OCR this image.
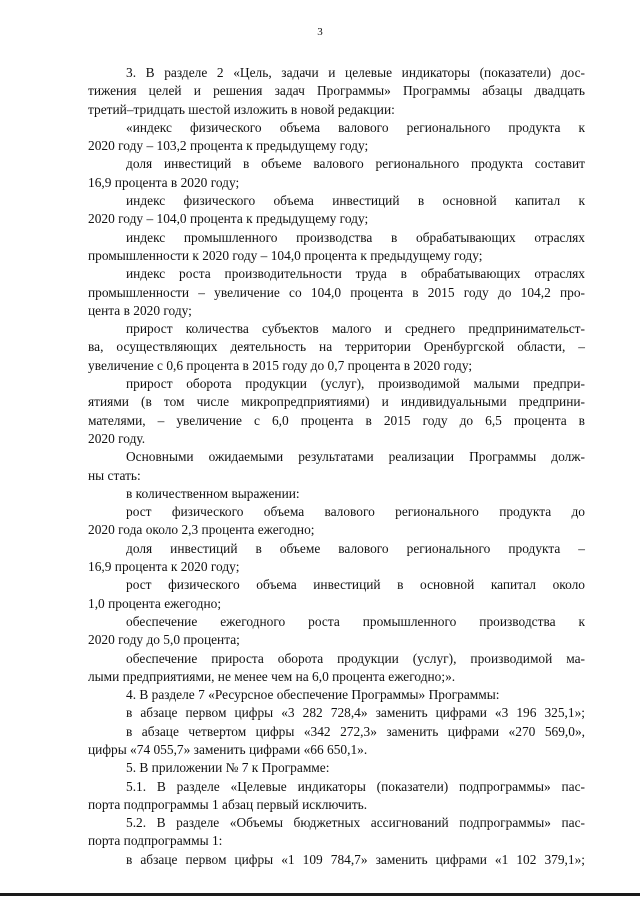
3
3. В разделе 2 «Цель, задачи и целевые индикаторы (показатели) дос-
тижения целей и решения задач Программы» Программы абзацы двадцать
третий–тридцать шестой изложить в новой редакции:
«индекс физического объема валового регионального продукта к
2020 году – 103,2 процента к предыдущему году;
доля инвестиций в объеме валового регионального продукта составит
16,9 процента в 2020 году;
индекс физического объема инвестиций в основной капитал к
2020 году – 104,0 процента к предыдущему году;
индекс промышленного производства в обрабатывающих отраслях
промышленности к 2020 году – 104,0 процента к предыдущему году;
индекс роста производительности труда в обрабатывающих отраслях
промышленности – увеличение со 104,0 процента в 2015 году до 104,2 про-
цента в 2020 году;
прирост количества субъектов малого и среднего предпринимательст-
ва, осуществляющих деятельность на территории Оренбургской области, –
увеличение с 0,6 процента в 2015 году до 0,7 процента в 2020 году;
прирост оборота продукции (услуг), производимой малыми предпри-
ятиями (в том числе микропредприятиями) и индивидуальными предприни-
мателями, – увеличение с 6,0 процента в 2015 году до 6,5 процента в
2020 году.
Основными ожидаемыми результатами реализации Программы долж-
ны стать:
в количественном выражении:
рост физического объема валового регионального продукта до
2020 года около 2,3 процента ежегодно;
доля инвестиций в объеме валового регионального продукта –
16,9 процента к 2020 году;
рост физического объема инвестиций в основной капитал около
1,0 процента ежегодно;
обеспечение ежегодного роста промышленного производства к
2020 году до 5,0 процента;
обеспечение прироста оборота продукции (услуг), производимой ма-
лыми предприятиями, не менее чем на 6,0 процента ежегодно;».
4. В разделе 7 «Ресурсное обеспечение Программы» Программы:
в абзаце первом цифры «3 282 728,4» заменить цифрами «3 196 325,1»;
в абзаце четвертом цифры «342 272,3» заменить цифрами «270 569,0»,
цифры «74 055,7» заменить цифрами «66 650,1».
5. В приложении № 7 к Программе:
5.1. В разделе «Целевые индикаторы (показатели) подпрограммы» пас-
порта подпрограммы 1 абзац первый исключить.
5.2. В разделе «Объемы бюджетных ассигнований подпрограммы» пас-
порта подпрограммы 1:
в абзаце первом цифры «1 109 784,7» заменить цифрами «1 102 379,1»;
